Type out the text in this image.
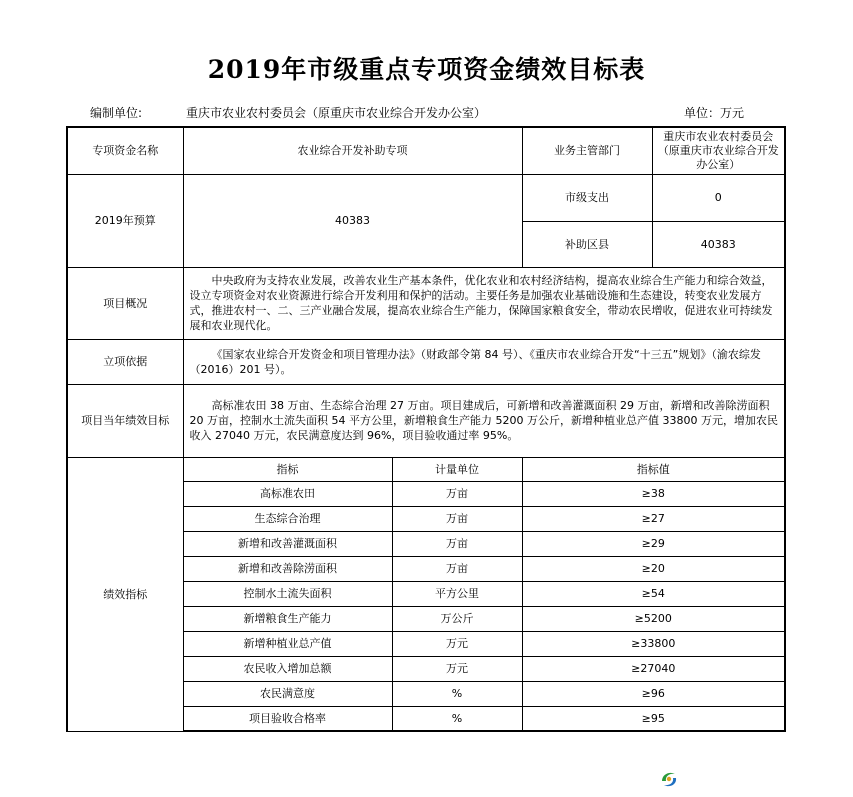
2019年市级重点专项资金绩效目标表
编制单位:	重庆市农业农村委员会（原重庆市农业综合开发办公室）	单位：万元
专项资金名称	农业综合开发补助专项		业务主管部门	重庆市农业农村委员会（原重庆市农业综合开发办公室）
2019年预算	40383		市级支出	0
			补助区县	40383
项目概况	中央政府为支持农业发展，改善农业生产基本条件，优化农业和农村经济结构，提高农业综合生产能力和综合效益，设立专项资金对农业资源进行综合开发利用和保护的活动。主要任务是加强农业基础设施和生态建设，转变农业发展方式，推进农村一、二、三产业融合发展，提高农业综合生产能力，保障国家粮食安全，带动农民增收，促进农业可持续发展和农业现代化。			
立项依据	《国家农业综合开发资金和项目管理办法》（财政部令第 84 号）、《重庆市农业综合开发“十三五”规划》（渝农综发（2016）201 号）。			
项目当年绩效目标	高标准农田 38 万亩、生态综合治理 27 万亩。项目建成后，可新增和改善灌溉面积 29 万亩，新增和改善除涝面积 20 万亩，控制水土流失面积 54 平方公里，新增粮食生产能力 5200 万公斤，新增种植业总产值 33800 万元，增加农民收入 27040 万元，农民满意度达到 96%，项目验收通过率 95%。			
绩效指标	指标	计量单位	指标值	
	高标准农田	万亩	≥38	
	生态综合治理	万亩	≥27	
	新增和改善灌溉面积	万亩	≥29	
	新增和改善除涝面积	万亩	≥20	
	控制水土流失面积	平方公里	≥54	
	新增粮食生产能力	万公斤	≥5200	
	新增种植业总产值	万元	≥33800	
	农民收入增加总额	万元	≥27040	
	农民满意度	%	≥96	
	项目验收合格率	%	≥95	
